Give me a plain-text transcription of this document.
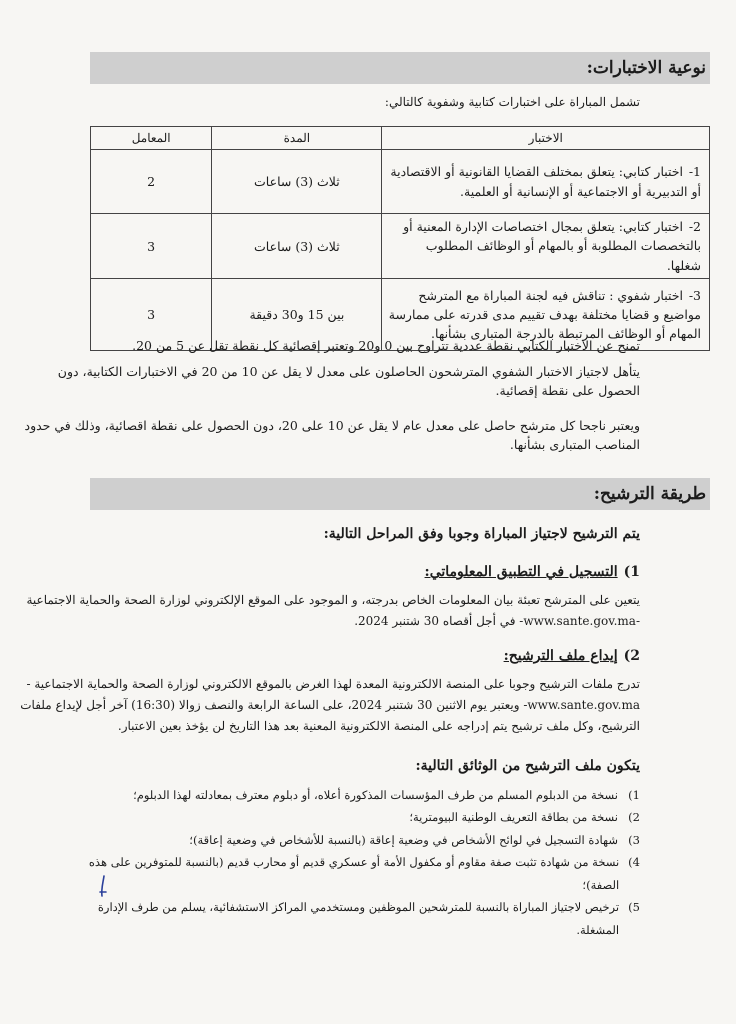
نوعية الاختبارات:

تشمل المباراة على اختبارات كتابية وشفوية كالتالي:

الاختبار	المدة	المعامل
1-اختبار كتابي: يتعلق بمختلف القضايا القانونية أو الاقتصادية أو التدبيرية أو الاجتماعية أو الإنسانية أو العلمية.	ثلاث (3) ساعات	2
2-اختبار كتابي: يتعلق بمجال اختصاصات الإدارة المعنية أو بالتخصصات المطلوبة أو بالمهام أو الوظائف المطلوب شغلها.	ثلاث (3) ساعات	3
3-اختبار شفوي : تناقش فيه لجنة المباراة مع المترشح مواضيع و قضايا مختلفة بهدف تقييم مدى قدرته على ممارسة المهام أو الوظائف المرتبطة بالدرجة المتبارى بشأنها.	بين 15 و30 دقيقة	3

تمنح عن الاختبار الكتابي نقطة عددية تتراوح بين 0 و20 وتعتبر إقصائية كل نقطة تقل عن 5 من 20.

يتأهل لاجتياز الاختبار الشفوي المترشحون الحاصلون على معدل لا يقل عن 10 من 20 في الاختبارات الكتابية، دون الحصول على نقطة إقصائية.

ويعتبر ناجحا كل مترشح حاصل على معدل عام لا يقل عن 10 على 20، دون الحصول على نقطة اقصائية، وذلك في حدود المناصب المتبارى بشأنها.

طريقة الترشيح:

يتم الترشيح لاجتياز المباراة وجوبا وفق المراحل التالية:

1)التسجيل في التطبيق المعلوماتي:

يتعين على المترشح تعبئة بيان المعلومات الخاص بدرجته، و الموجود على الموقع الإلكتروني لوزارة الصحة والحماية الاجتماعية -www.sante.gov.ma- في أجل أقصاه 30 شتنبر 2024.

2)إيداع ملف الترشيح:

تدرج ملفات الترشيح وجوبا على المنصة الالكترونية المعدة لهذا الغرض بالموقع الالكتروني لوزارة الصحة والحماية الاجتماعية -www.sante.gov.ma- ويعتبر يوم الاثنين 30 شتنبر 2024، على الساعة الرابعة والنصف زوالا (16:30) آخر أجل لإيداع ملفات الترشيح، وكل ملف ترشيح يتم إدراجه على المنصة الالكترونية المعنية بعد هذا التاريخ لن يؤخذ بعين الاعتبار.

يتكون ملف الترشيح من الوثائق التالية:

1)
نسخة من الدبلوم المسلم من طرف المؤسسات المذكورة أعلاه، أو دبلوم معترف بمعادلته لهذا الدبلوم؛
2)
نسخة من بطاقة التعريف الوطنية البيومترية؛
3)
شهادة التسجيل في لوائح الأشخاص في وضعية إعاقة (بالنسبة للأشخاص في وضعية إعاقة)؛
4)
نسخة من شهادة تثبت صفة مقاوم أو مكفول الأمة أو عسكري قديم أو محارب قديم (بالنسبة للمتوفرين على هذه الصفة)؛
5)
ترخيص لاجتياز المباراة بالنسبة للمترشحين الموظفين ومستخدمي المراكز الاستشفائية، يسلم من طرف الإدارة المشغلة.
